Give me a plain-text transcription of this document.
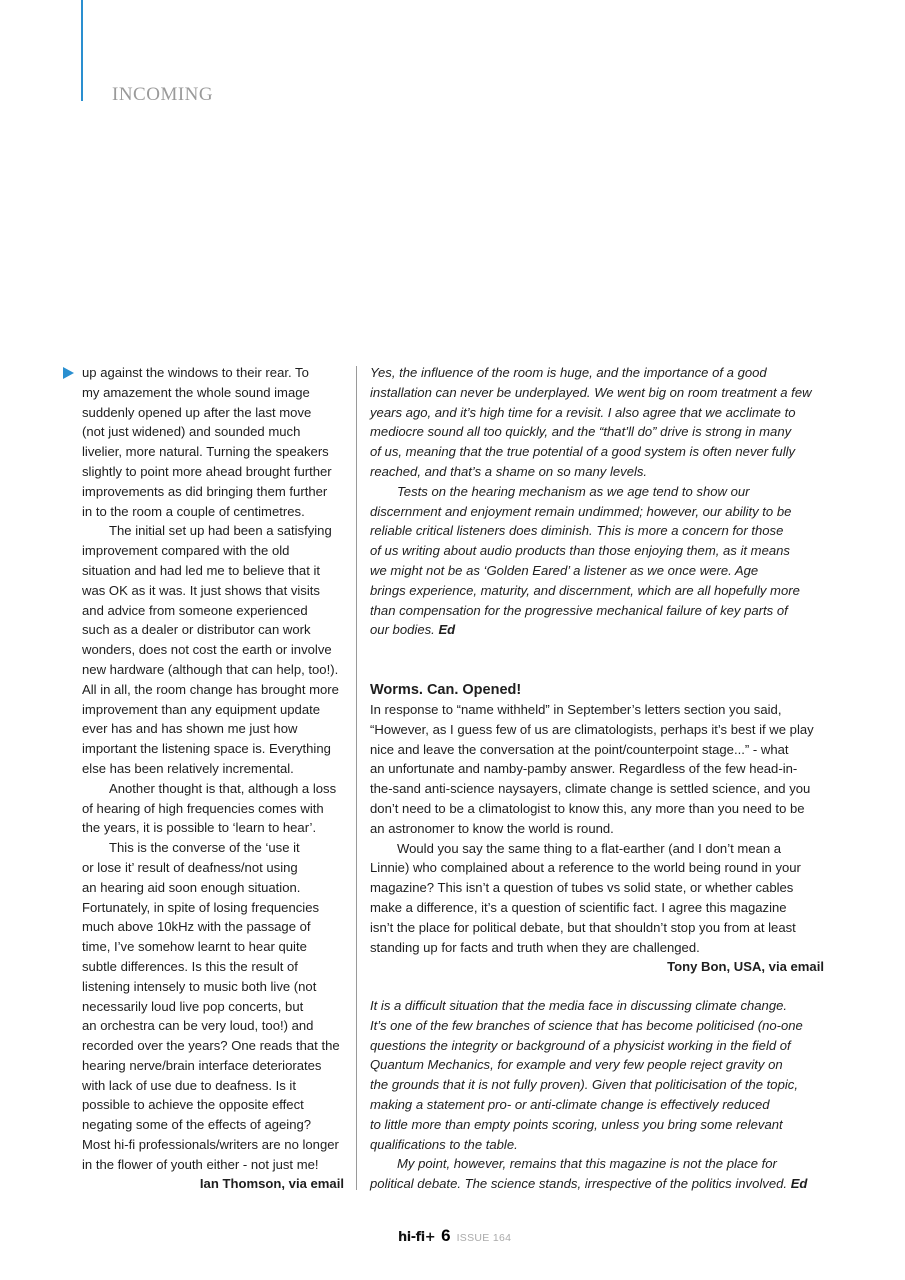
INCOMING
up against the windows to their rear. To
my amazement the whole sound image
suddenly opened up after the last move
(not just widened) and sounded much
livelier, more natural. Turning the speakers
slightly to point more ahead brought further
improvements as did bringing them further
in to the room a couple of centimetres.
The initial set up had been a satisfying
improvement compared with the old
situation and had led me to believe that it
was OK as it was. It just shows that visits
and advice from someone experienced
such as a dealer or distributor can work
wonders, does not cost the earth or involve
new hardware (although that can help, too!).
All in all, the room change has brought more
improvement than any equipment update
ever has and has shown me just how
important the listening space is. Everything
else has been relatively incremental.
Another thought is that, although a loss
of hearing of high frequencies comes with
the years, it is possible to ‘learn to hear’.
This is the converse of the ‘use it
or lose it’ result of deafness/not using
an hearing aid soon enough situation.
Fortunately, in spite of losing frequencies
much above 10kHz with the passage of
time, I’ve somehow learnt to hear quite
subtle differences. Is this the result of
listening intensely to music both live (not
necessarily loud live pop concerts, but
an orchestra can be very loud, too!) and
recorded over the years? One reads that the
hearing nerve/brain interface deteriorates
with lack of use due to deafness. Is it
possible to achieve the opposite effect
negating some of the effects of ageing?
Most hi-fi professionals/writers are no longer
in the flower of youth either - not just me!
Ian Thomson, via email
Yes, the influence of the room is huge, and the importance of a good
installation can never be underplayed. We went big on room treatment a few
years ago, and it’s high time for a revisit. I also agree that we acclimate to
mediocre sound all too quickly, and the “that’ll do” drive is strong in many
of us, meaning that the true potential of a good system is often never fully
reached, and that’s a shame on so many levels.
Tests on the hearing mechanism as we age tend to show our
discernment and enjoyment remain undimmed; however, our ability to be
reliable critical listeners does diminish. This is more a concern for those
of us writing about audio products than those enjoying them, as it means
we might not be as ‘Golden Eared’ a listener as we once were. Age
brings experience, maturity, and discernment, which are all hopefully more
than compensation for the progressive mechanical failure of key parts of
our bodies. Ed
Worms. Can. Opened!
In response to “name withheld” in September’s letters section you said,
“However, as I guess few of us are climatologists, perhaps it’s best if we play
nice and leave the conversation at the point/counterpoint stage...” - what
an unfortunate and namby-pamby answer. Regardless of the few head-in-
the-sand anti-science naysayers, climate change is settled science, and you
don’t need to be a climatologist to know this, any more than you need to be
an astronomer to know the world is round.
Would you say the same thing to a flat-earther (and I don’t mean a
Linnie) who complained about a reference to the world being round in your
magazine? This isn’t a question of tubes vs solid state, or whether cables
make a difference, it’s a question of scientific fact. I agree this magazine
isn’t the place for political debate, but that shouldn’t stop you from at least
standing up for facts and truth when they are challenged.
Tony Bon, USA, via email
It is a difficult situation that the media face in discussing climate change.
It’s one of the few branches of science that has become politicised (no-one
questions the integrity or background of a physicist working in the field of
Quantum Mechanics, for example and very few people reject gravity on
the grounds that it is not fully proven). Given that politicisation of the topic,
making a statement pro- or anti-climate change is effectively reduced
to little more than empty points scoring, unless you bring some relevant
qualifications to the table.
My point, however, remains that this magazine is not the place for
political debate. The science stands, irrespective of the politics involved. Ed
hi-fi+ 6 ISSUE 164
